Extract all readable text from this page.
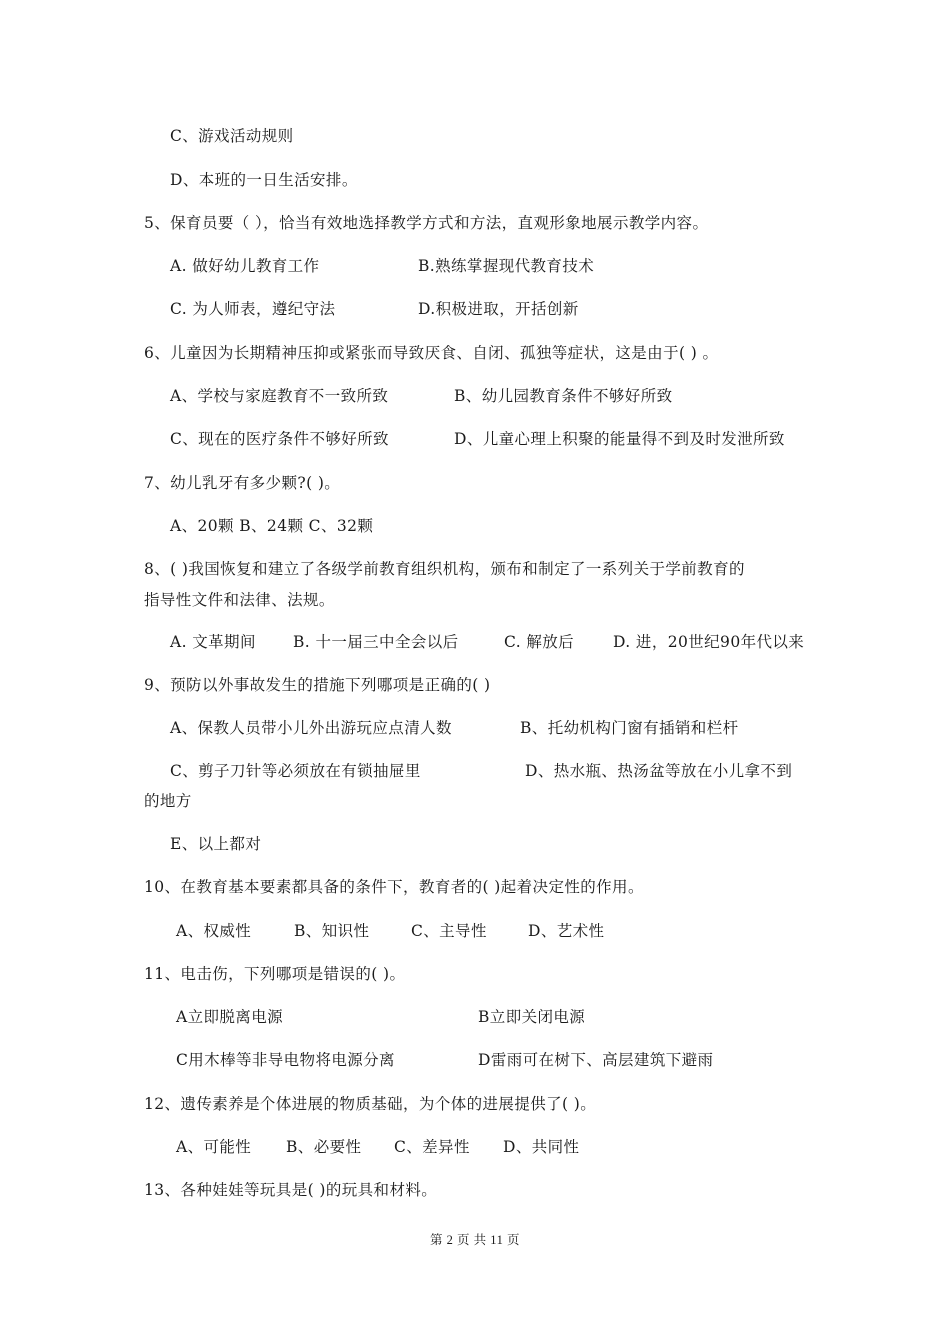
C、游戏活动规则
D、本班的一日生活安排。
5、保育员要（ ），恰当有效地选择教学方式和方法，直观形象地展示教学内容。
A. 做好幼儿教育工作	B.熟练掌握现代教育技术
C. 为人师表，遵纪守法	D.积极进取，开括创新
6、儿童因为长期精神压抑或紧张而导致厌食、自闭、孤独等症状，这是由于( ) 。
A、学校与家庭教育不一致所致	B、幼儿园教育条件不够好所致
C、现在的医疗条件不够好所致	D、儿童心理上积聚的能量得不到及时发泄所致
7、幼儿乳牙有多少颗?( )。
A、20颗 B、24颗 C、32颗
8、( )我国恢复和建立了各级学前教育组织机构，颁布和制定了一系列关于学前教育的
指导性文件和法律、法规。
A. 文革期间 B. 十一届三中全会以后	C. 解放后	D. 进，20世纪90年代以来
9、预防以外事故发生的措施下列哪项是正确的( )
A、保教人员带小儿外出游玩应点清人数	B、托幼机构门窗有插销和栏杆
C、剪子刀针等必须放在有锁抽屉里	D、热水瓶、热汤盆等放在小儿拿不到
的地方
E、以上都对
10、在教育基本要素都具备的条件下，教育者的( )起着决定性的作用。
A、权威性	B、知识性	C、主导性	D、艺术性
11、电击伤，下列哪项是错误的( )。
A立即脱离电源	B立即关闭电源
C用木棒等非导电物将电源分离	D雷雨可在树下、高层建筑下避雨
12、遗传素养是个体进展的物质基础，为个体的进展提供了( )。
A、可能性 B、必要性 C、差异性 D、共同性
13、各种娃娃等玩具是( )的玩具和材料。
第 2 页 共 11 页
